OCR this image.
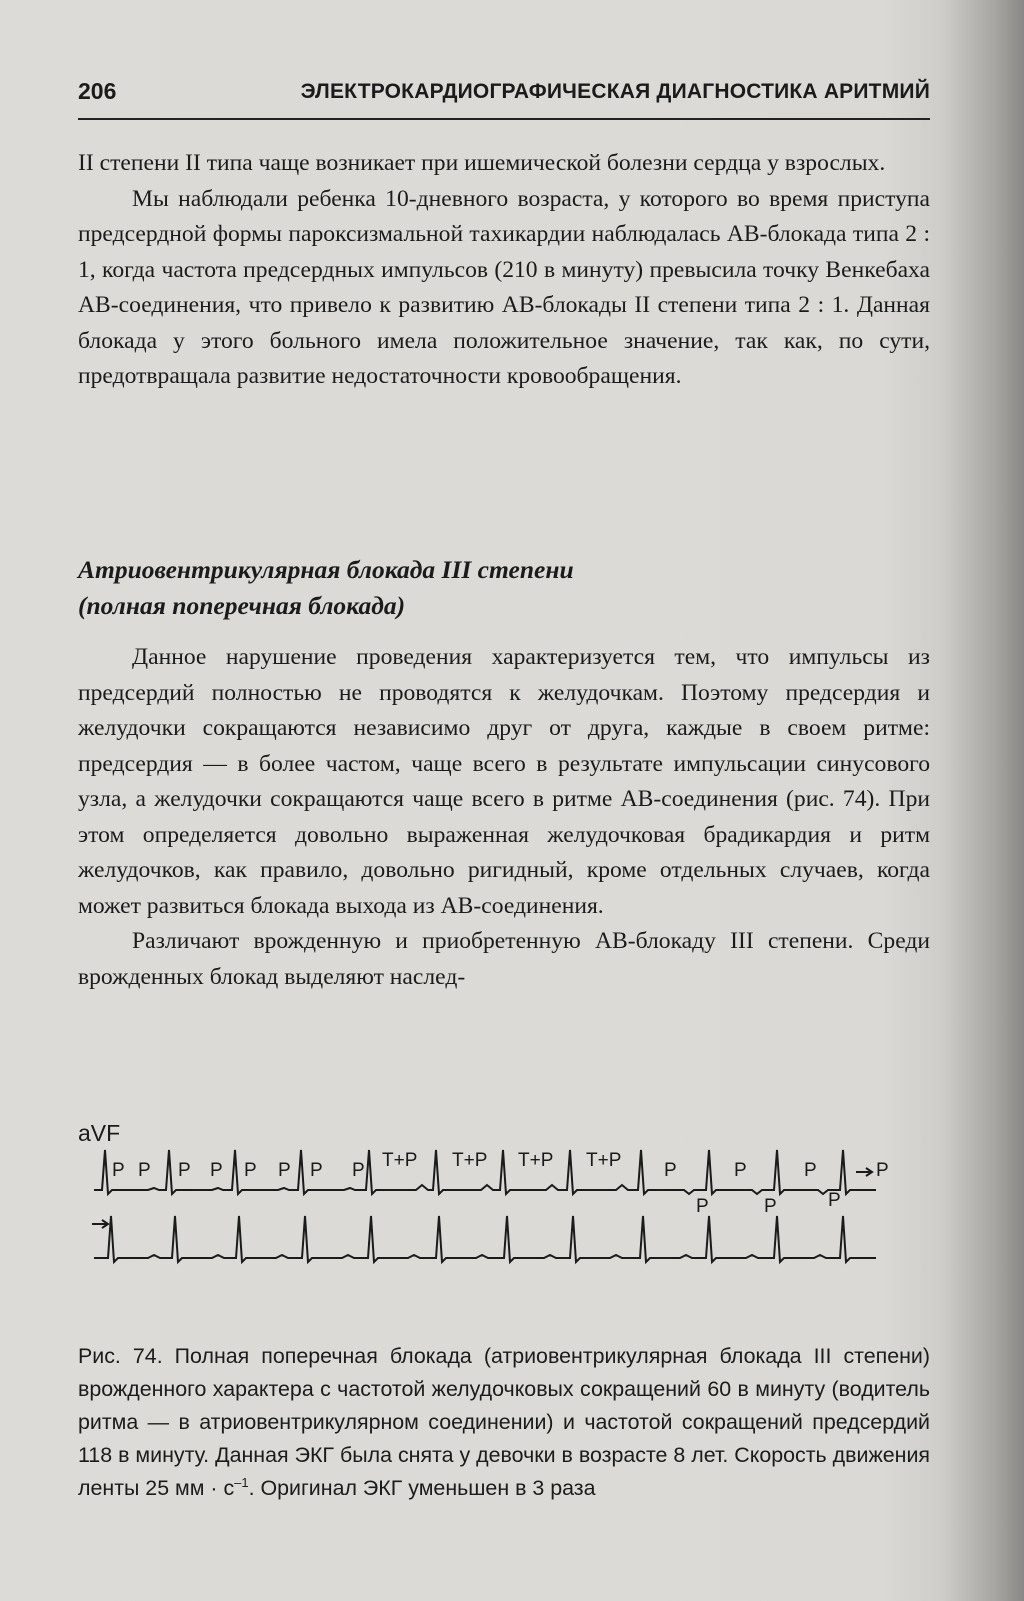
206	ЭЛЕКТРОКАРДИОГРАФИЧЕСКАЯ ДИАГНОСТИКА АРИТМИЙ

II степени II типа чаще возникает при ишемической болезни сердца у взрослых.

Мы наблюдали ребенка 10-дневного возраста, у которого во время приступа предсердной формы пароксизмальной тахикардии наблюдалась АВ-блокада типа 2 : 1, когда частота предсердных импульсов (210 в минуту) превысила точку Венкебаха АВ-соединения, что привело к развитию АВ-блокады II степени типа 2 : 1. Данная блокада у этого больного имела положительное значение, так как, по сути, предотвращала развитие недостаточности кровообращения.

Атриовентрикулярная блокада III степени
(полная поперечная блокада)

Данное нарушение проведения характеризуется тем, что импульсы из предсердий полностью не проводятся к желудочкам. Поэтому предсердия и желудочки сокращаются независимо друг от друга, каждые в своем ритме: предсердия — в более частом, чаще всего в результате импульсации синусового узла, а желудочки сокращаются чаще всего в ритме АВ-соединения (рис. 74). При этом определяется довольно выраженная желудочковая брадикардия и ритм желудочков, как правило, довольно ригидный, кроме отдельных случаев, когда может развиться блокада выхода из АВ-соединения.

Различают врожденную и приобретенную АВ-блокаду III степени. Среди врожденных блокад выделяют наслед-

aVF
P P P P P P P P T+P T+P T+P T+P P	P	P	P
P	P	P

Рис. 74. Полная поперечная блокада (атриовентрикулярная блокада III степени) врожденного характера с частотой желудочковых сокращений 60 в минуту (водитель ритма — в атриовентрикулярном соединении) и частотой сокращений предсердий 118 в минуту. Данная ЭКГ была снята у девочки в возрасте 8 лет. Скорость движения ленты 25 мм · $с^{-1}$. Оригинал ЭКГ уменьшен в 3 раза
